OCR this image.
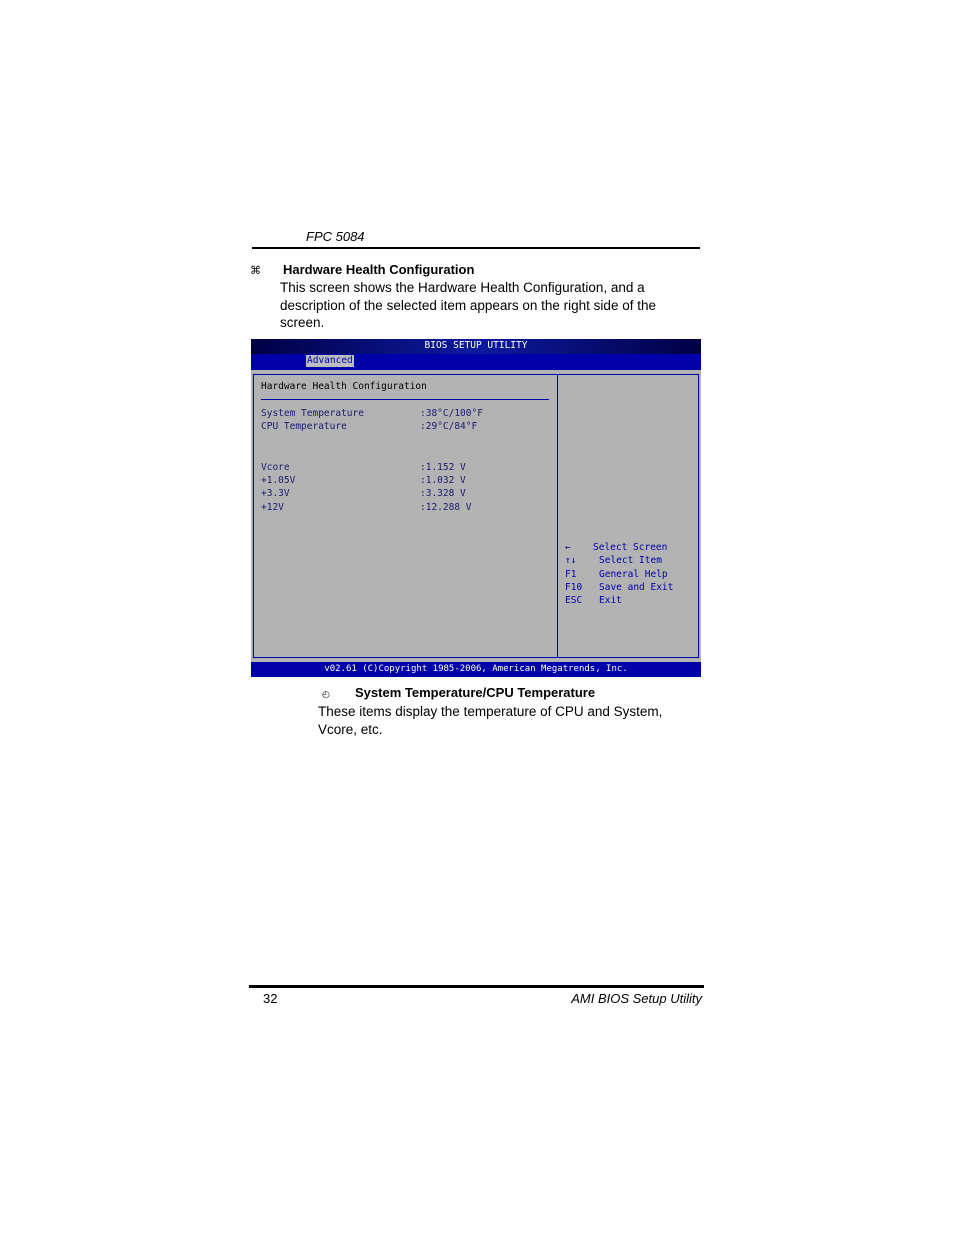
FPC 5084
⌘ Hardware Health Configuration
This screen shows the Hardware Health Configuration, and a description of the selected item appears on the right side of the screen.
BIOS SETUP UTILITY
Advanced
Hardware Health Configuration
System Temperature	:38°C/100°F
CPU Temperature	:29°C/84°F
Vcore	:1.152 V
+1.05V	:1.032 V
+3.3V	:3.328 V
+12V	:12.288 V
← Select Screen
↑↓ Select Item
F1 General Help
F10 Save and Exit
ESC Exit
v02.61 (C)Copyright 1985-2006, American Megatrends, Inc.
◴ System Temperature/CPU Temperature
These items display the temperature of CPU and System, Vcore, etc.
32	AMI BIOS Setup Utility
